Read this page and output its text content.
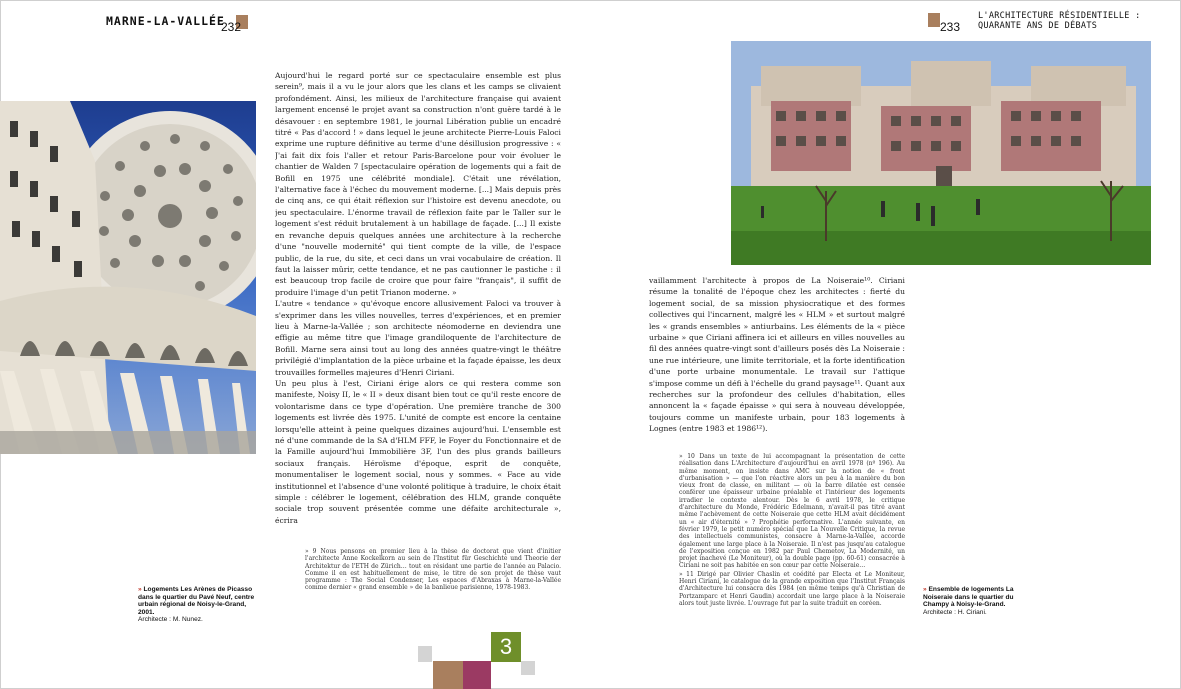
MARNE-LA-VALLÉE
232	233
L'ARCHITECTURE RÉSIDENTIELLE :
QUARANTE ANS DE DÉBATS

Aujourd'hui le regard porté sur ce spectaculaire ensemble est plus serein⁹, mais il a vu le jour alors que les clans et les camps se clivaient profondément. Ainsi, les milieux de l'architecture française qui avaient largement encensé le projet avant sa construction n'ont guère tardé à le désavouer : en septembre 1981, le journal Libération publie un encadré titré « Pas d'accord ! » dans lequel le jeune architecte Pierre-Louis Faloci exprime une rupture définitive au terme d'une désillusion progressive : « J'ai fait dix fois l'aller et retour Paris-Barcelone pour voir évoluer le chantier de Walden 7 [spectaculaire opération de logements qui a fait de Bofill en 1975 une célébrité mondiale]. C'était une révélation, l'alternative face à l'échec du mouvement moderne. [...] Mais depuis près de cinq ans, ce qui était réflexion sur l'histoire est devenu anecdote, ou jeu spectaculaire. L'énorme travail de réflexion faite par le Taller sur le logement s'est réduit brutalement à un habillage de façade. [...] Il existe en revanche depuis quelques années une architecture à la recherche d'une "nouvelle modernité" qui tient compte de la ville, de l'espace public, de la rue, du site, et ceci dans un vrai vocabulaire de création. Il faut la laisser mûrir, cette tendance, et ne pas cautionner le pastiche : il est beaucoup trop facile de croire que pour faire "français", il suffit de produire l'image d'un petit Trianon moderne. »

L'autre « tendance » qu'évoque encore allusivement Faloci va trouver à s'exprimer dans les villes nouvelles, terres d'expériences, et en premier lieu à Marne-la-Vallée ; son architecte néomoderne en deviendra une effigie au même titre que l'image grandiloquente de l'architecture de Bofill. Marne sera ainsi tout au long des années quatre-vingt le théâtre privilégié d'implantation de la pièce urbaine et la façade épaisse, les deux trouvailles formelles majeures d'Henri Ciriani.

Un peu plus à l'est, Ciriani érige alors ce qui restera comme son manifeste, Noisy II, le « II » deux disant bien tout ce qu'il reste encore de volontarisme dans ce type d'opération. Une première tranche de 300 logements est livrée dès 1975. L'unité de compte est encore la centaine lorsqu'elle atteint à peine quelques dizaines aujourd'hui. L'ensemble est né d'une commande de la SA d'HLM FFF, le Foyer du Fonctionnaire et de la Famille aujourd'hui Immobilière 3F, l'un des plus grands bailleurs sociaux français. Héroïsme d'époque, esprit de conquête, monumentaliser le logement social, nous y sommes. « Face au vide institutionnel et l'absence d'une volonté politique à traduire, le choix était simple : célébrer le logement, célébration des HLM, grande conquête sociale trop souvent présentée comme une défaite architecturale », écrira

» 9 Nous pensons en premier lieu à la thèse de doctorat que vient d'initier l'architecte Anne Kockelkorn au sein de l'Institut für Geschichte und Theorie der Architektur de l'ETH de Zürich… tout en résidant une partie de l'année au Palacio. Comme il en est habituellement de mise, le titre de son projet de thèse vaut programme : The Social Condenser, Les espaces d'Abraxas à Marne-la-Vallée comme dernier « grand ensemble » de la banlieue parisienne, 1978-1983.
» Logements Les Arènes de Picasso dans le quartier du Pavé Neuf, centre urbain régional de Noisy-le-Grand, 2001.
Architecte : M. Nunez.
vaillamment l'architecte à propos de La Noiseraie¹⁰. Ciriani résume la tonalité de l'époque chez les architectes : fierté du logement social, de sa mission physiocratique et des formes collectives qui l'incarnent, malgré les « HLM » et surtout malgré les « grands ensembles » antiurbains. Les éléments de la « pièce urbaine » que Ciriani affinera ici et ailleurs en villes nouvelles au fil des années quatre-vingt sont d'ailleurs posés dès La Noiseraie : une rue intérieure, une limite territoriale, et la forte identification d'une porte urbaine monumentale. Le travail sur l'attique s'impose comme un défi à l'échelle du grand paysage¹¹. Quant aux recherches sur la profondeur des cellules d'habitation, elles annoncent la « façade épaisse » qui sera à nouveau développée, toujours comme un manifeste urbain, pour 183 logements à Lognes (entre 1983 et 1986¹²).

» 10 Dans un texte de lui accompagnant la présentation de cette réalisation dans L'Architecture d'aujourd'hui en avril 1978 (nº 196). Au même moment, on insiste dans AMC sur la notion de « front d'urbanisation » — que l'on réactive alors un peu à la manière du bon vieux front de classe, en militant — où la barre dilatée est censée conférer une épaisseur urbaine préalable et l'intérieur des logements irradier le contexte alentour. Dès le 6 avril 1978, le critique d'architecture du Monde, Frédéric Edelmann, n'avait-il pas titré avant même l'achèvement de cette Noiseraie que cette HLM avait décidément un « air d'éternité » ? Prophétie performative. L'année suivante, en février 1979, le petit numéro spécial que La Nouvelle Critique, la revue des intellectuels communistes, consacre à Marne-la-Vallée, accorde également une large place à la Noiseraie. Il n'est pas jusqu'au catalogue de l'exposition conçue en 1982 par Paul Chemetov, La Modernité, un projet inachevé (Le Moniteur), où la double page (pp. 60-61) consacrée à Ciriani ne soit pas habitée en son cœur par cette Noiseraie…

» 11 Dirigé par Olivier Chaslin et coédité par Electa et Le Moniteur, Henri Ciriani, le catalogue de la grande exposition que l'Institut Français d'Architecture lui consacra dès 1984 (en même temps qu'à Christian de Portzamparc et Henri Gaudin) accordait une large place à la Noiseraie alors tout juste livrée. L'ouvrage fut par la suite traduit en coréen.

» Ensemble de logements La Noiseraie dans le quartier du Champy à Noisy-le-Grand.
Architecte : H. Ciriani.
3
